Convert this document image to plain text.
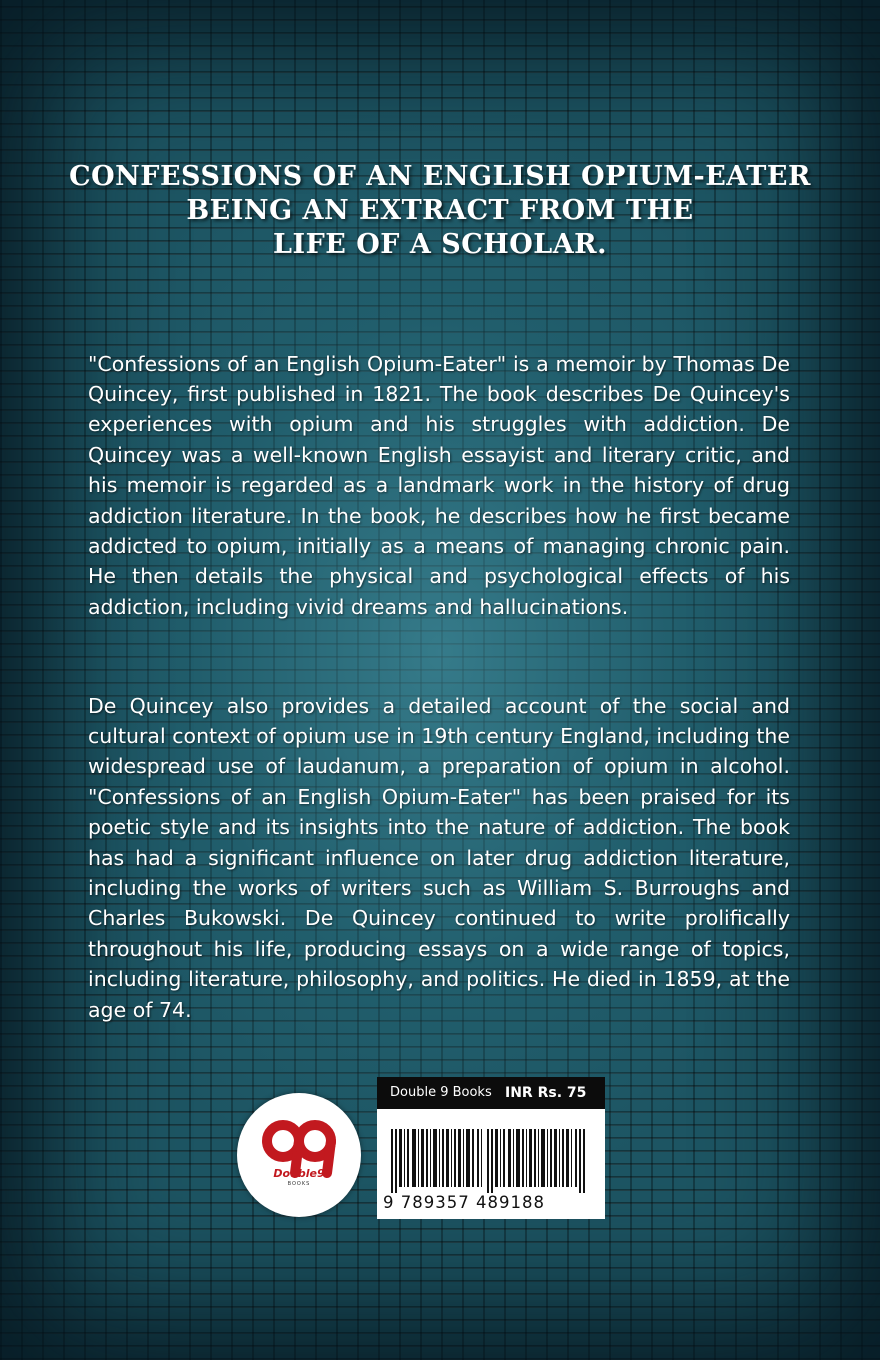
CONFESSIONS OF AN ENGLISH OPIUM-EATER
BEING AN EXTRACT FROM THE
LIFE OF A SCHOLAR.

"Confessions of an English Opium-Eater" is a memoir by Thomas De Quincey, first published in 1821. The book describes De Quincey's experiences with opium and his struggles with addiction. De Quincey was a well-known English essayist and literary critic, and his memoir is regarded as a landmark work in the history of drug addiction literature. In the book, he describes how he first became addicted to opium, initially as a means of managing chronic pain. He then details the physical and psychological effects of his addiction, including vivid dreams and hallucinations.

De Quincey also provides a detailed account of the social and cultural context of opium use in 19th century England, including the widespread use of laudanum, a preparation of opium in alcohol. "Confessions of an English Opium-Eater" has been praised for its poetic style and its insights into the nature of addiction. The book has had a significant influence on later drug addiction literature, including the works of writers such as William S. Burroughs and Charles Bukowski. De Quincey continued to write prolifically throughout his life, producing essays on a wide range of topics, including literature, philosophy, and politics. He died in 1859, at the age of 74.

Double9
BOOKS
Double 9 Books INR Rs. 75
9 789357 489188
